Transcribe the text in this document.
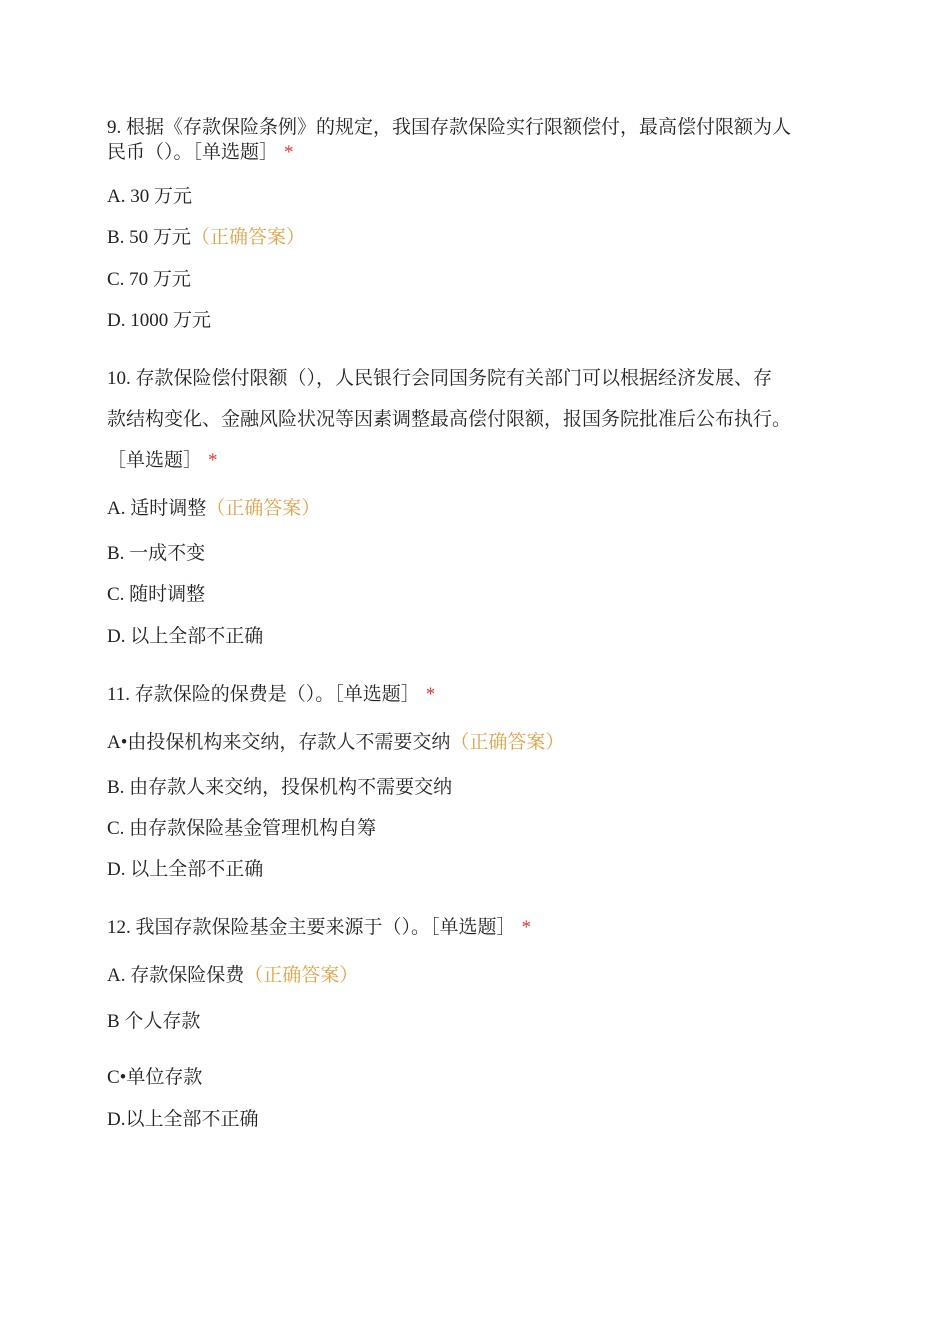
9. 根据《存款保险条例》的规定，我国存款保险实行限额偿付，最高偿付限额为人
民币（）。［单选题］ *
A. 30 万元
B. 50 万元（正确答案）
C. 70 万元
D. 1000 万元
10. 存款保险偿付限额（），人民银行会同国务院有关部门可以根据经济发展、存
款结构变化、金融风险状况等因素调整最高偿付限额，报国务院批准后公布执行。
［单选题］ *
A. 适时调整（正确答案）
B. 一成不变
C. 随时调整
D. 以上全部不正确
11. 存款保险的保费是（）。［单选题］ *
A•由投保机构来交纳，存款人不需要交纳（正确答案）
B. 由存款人来交纳，投保机构不需要交纳
C. 由存款保险基金管理机构自筹
D. 以上全部不正确
12. 我国存款保险基金主要来源于（）。［单选题］ *
A. 存款保险保费（正确答案）
B 个人存款
C•单位存款
D.以上全部不正确
